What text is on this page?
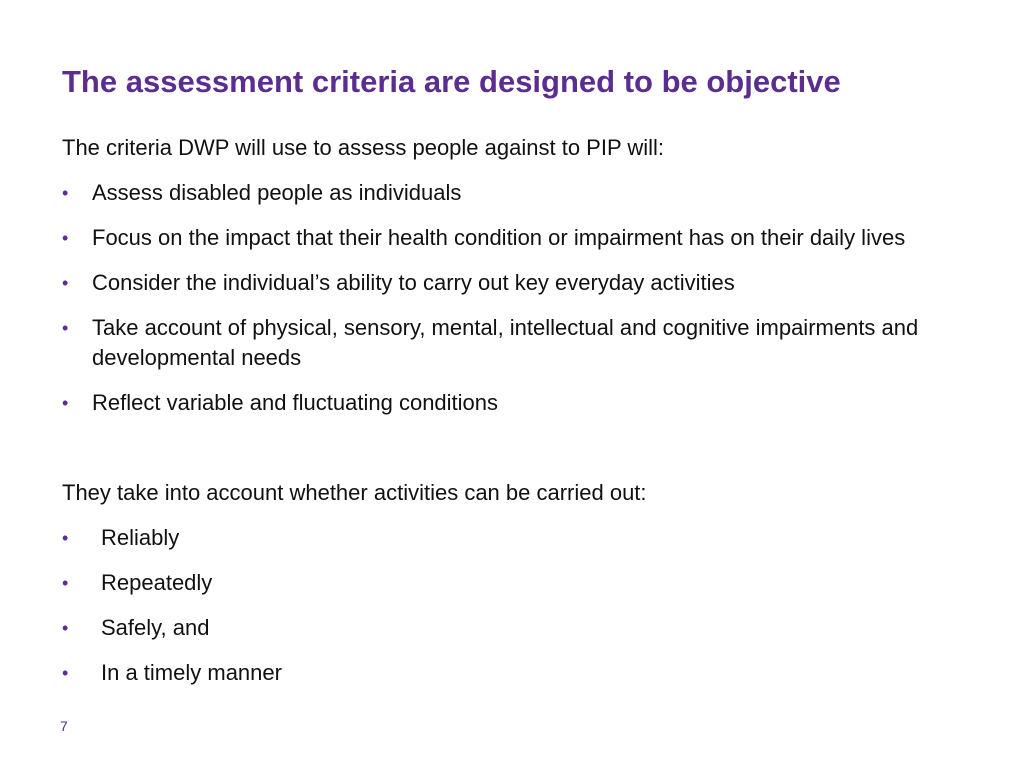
The assessment criteria are designed to be objective

The criteria DWP will use to assess people against to PIP will:

• Assess disabled people as individuals
• Focus on the impact that their health condition or impairment has on their daily lives
• Consider the individual’s ability to carry out key everyday activities
• Take account of physical, sensory, mental, intellectual and cognitive impairments and developmental needs
• Reflect variable and fluctuating conditions

They take into account whether activities can be carried out:

• Reliably
• Repeatedly
• Safely, and
• In a timely manner
7
